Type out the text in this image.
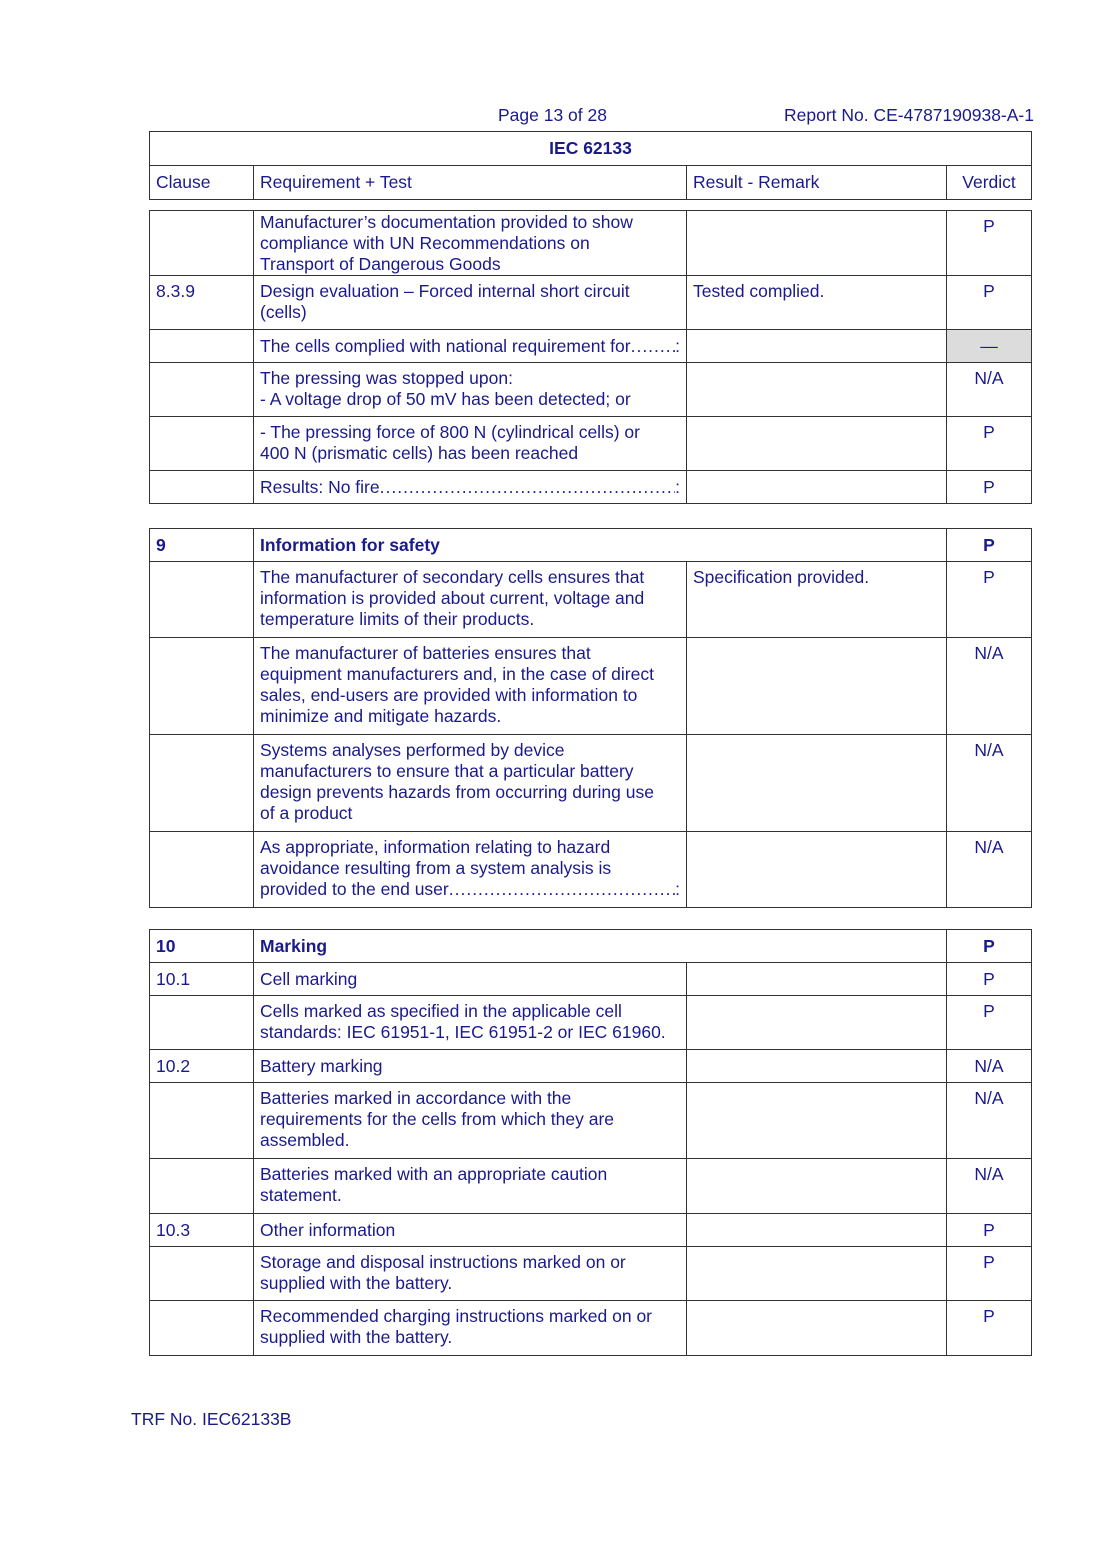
Page 13 of 28	Report No. CE-4787190938-A-1
IEC 62133
Clause	Requirement + Test	Result - Remark	Verdict

	Manufacturer’s documentation provided to show
compliance with UN Recommendations on
Transport of Dangerous Goods		P
8.3.9	Design evaluation – Forced internal short circuit
(cells)	Tested complied.	P

	The cells complied with national requirement for ..... :		—

	The pressing was stopped upon:
- A voltage drop of 50 mV has been detected; or		N/A

	- The pressing force of 800 N (cylindrical cells) or
400 N (prismatic cells) has been reached		P

	Results: No fire ..... :		P
9	Information for safety		P

	The manufacturer of secondary cells ensures that
information is provided about current, voltage and
temperature limits of their products.	Specification provided.	P

	The manufacturer of batteries ensures that
equipment manufacturers and, in the case of direct
sales, end-users are provided with information to
minimize and mitigate hazards.		N/A

	Systems analyses performed by device
manufacturers to ensure that a particular battery
design prevents hazards from occurring during use
of a product		N/A

	As appropriate, information relating to hazard
avoidance resulting from a system analysis is
provided to the end user ..... :		N/A
10	Marking		P
10.1	Cell marking		P

	Cells marked as specified in the applicable cell
standards: IEC 61951-1, IEC 61951-2 or IEC 61960.		P
10.2	Battery marking		N/A

	Batteries marked in accordance with the
requirements for the cells from which they are
assembled.		N/A

	Batteries marked with an appropriate caution
statement.		N/A
10.3	Other information		P

	Storage and disposal instructions marked on or
supplied with the battery.		P

	Recommended charging instructions marked on or
supplied with the battery.		P
TRF No. IEC62133B
